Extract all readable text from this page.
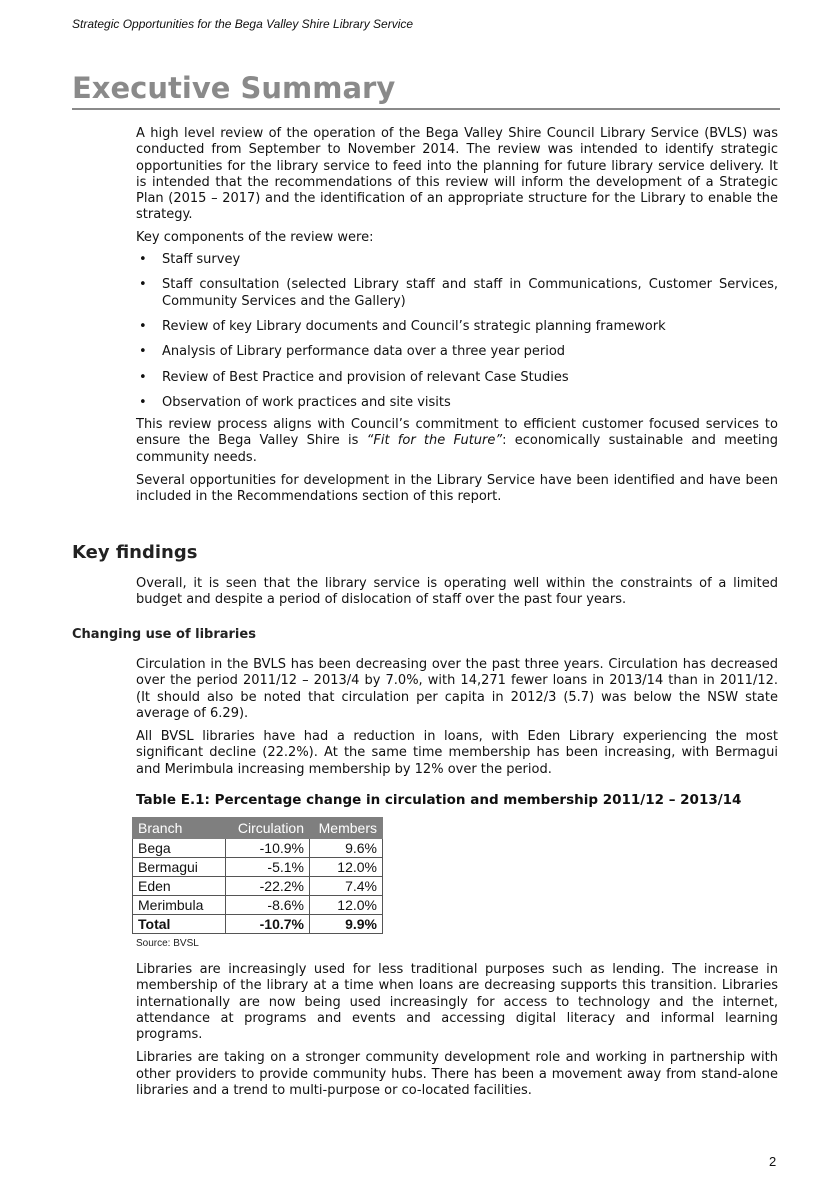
Strategic Opportunities for the Bega Valley Shire Library Service
Executive Summary

A high level review of the operation of the Bega Valley Shire Council Library Service (BVLS) was conducted from September to November 2014. The review was intended to identify strategic opportunities for the library service to feed into the planning for future library service delivery. It is intended that the recommendations of this review will inform the development of a Strategic Plan (2015 – 2017) and the identification of an appropriate structure for the Library to enable the strategy.

Key components of the review were:

• Staff survey
• Staff consultation (selected Library staff and staff in Communications, Customer Services, Community Services and the Gallery)
• Review of key Library documents and Council’s strategic planning framework
• Analysis of Library performance data over a three year period
• Review of Best Practice and provision of relevant Case Studies
• Observation of work practices and site visits

This review process aligns with Council’s commitment to efficient customer focused services to ensure the Bega Valley Shire is “Fit for the Future”: economically sustainable and meeting community needs.

Several opportunities for development in the Library Service have been identified and have been included in the Recommendations section of this report.

Key findings

Overall, it is seen that the library service is operating well within the constraints of a limited budget and despite a period of dislocation of staff over the past four years.

Changing use of libraries

Circulation in the BVLS has been decreasing over the past three years. Circulation has decreased over the period 2011/12 – 2013/4 by 7.0%, with 14,271 fewer loans in 2013/14 than in 2011/12. (It should also be noted that circulation per capita in 2012/3 (5.7) was below the NSW state average of 6.29).

All BVSL libraries have had a reduction in loans, with Eden Library experiencing the most significant decline (22.2%). At the same time membership has been increasing, with Bermagui and Merimbula increasing membership by 12% over the period.

Table E.1: Percentage change in circulation and membership 2011/12 – 2013/14
Branch	Circulation	Members
Bega	-10.9%	9.6%
Bermagui	-5.1%	12.0%
Eden	-22.2%	7.4%
Merimbula	-8.6%	12.0%
Total	-10.7%	9.9%
Source: BVSL

Libraries are increasingly used for less traditional purposes such as lending. The increase in membership of the library at a time when loans are decreasing supports this transition. Libraries internationally are now being used increasingly for access to technology and the internet, attendance at programs and events and accessing digital literacy and informal learning programs.

Libraries are taking on a stronger community development role and working in partnership with other providers to provide community hubs. There has been a movement away from stand-alone libraries and a trend to multi-purpose or co-located facilities.

2
